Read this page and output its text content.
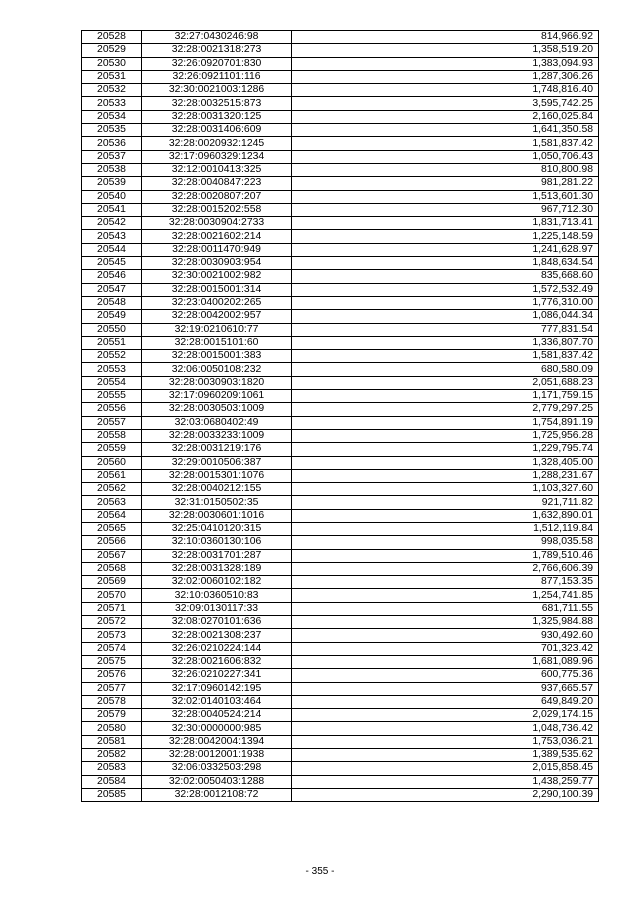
20528	32:27:0430246:98	814,966.92
20529	32:28:0021318:273	1,358,519.20
20530	32:26:0920701:830	1,383,094.93
20531	32:26:0921101:116	1,287,306.26
20532	32:30:0021003:1286	1,748,816.40
20533	32:28:0032515:873	3,595,742.25
20534	32:28:0031320:125	2,160,025.84
20535	32:28:0031406:609	1,641,350.58
20536	32:28:0020932:1245	1,581,837.42
20537	32:17:0960329:1234	1,050,706.43
20538	32:12:0010413:325	810,800.98
20539	32:28:0040847:223	981,281.22
20540	32:28:0020807:207	1,513,601.30
20541	32:28:0015202:558	967,712.30
20542	32:28:0030904:2733	1,831,713.41
20543	32:28:0021602:214	1,225,148.59
20544	32:28:0011470:949	1,241,628.97
20545	32:28:0030903:954	1,848,634.54
20546	32:30:0021002:982	835,668.60
20547	32:28:0015001:314	1,572,532.49
20548	32:23:0400202:265	1,776,310.00
20549	32:28:0042002:957	1,086,044.34
20550	32:19:0210610:77	777,831.54
20551	32:28:0015101:60	1,336,807.70
20552	32:28:0015001:383	1,581,837.42
20553	32:06:0050108:232	680,580.09
20554	32:28:0030903:1820	2,051,688.23
20555	32:17:0960209:1061	1,171,759.15
20556	32:28:0030503:1009	2,779,297.25
20557	32:03:0680402:49	1,754,891.19
20558	32:28:0033233:1009	1,725,956.28
20559	32:28:0031219:176	1,229,795.74
20560	32:29:0010506:387	1,328,405.00
20561	32:28:0015301:1076	1,288,231.67
20562	32:28:0040212:155	1,103,327.60
20563	32:31:0150502:35	921,711.82
20564	32:28:0030601:1016	1,632,890.01
20565	32:25:0410120:315	1,512,119.84
20566	32:10:0360130:106	998,035.58
20567	32:28:0031701:287	1,789,510.46
20568	32:28:0031328:189	2,766,606.39
20569	32:02:0060102:182	877,153.35
20570	32:10:0360510:83	1,254,741.85
20571	32:09:0130117:33	681,711.55
20572	32:08:0270101:636	1,325,984.88
20573	32:28:0021308:237	930,492.60
20574	32:26:0210224:144	701,323.42
20575	32:28:0021606:832	1,681,089.96
20576	32:26:0210227:341	600,775.36
20577	32:17:0960142:195	937,665.57
20578	32:02:0140103:464	649,849.20
20579	32:28:0040524:214	2,029,174.15
20580	32:30:0000000:985	1,048,736.42
20581	32:28:0042004:1394	1,753,036.21
20582	32:28:0012001:1938	1,389,535.62
20583	32:06:0332503:298	2,015,858.45
20584	32:02:0050403:1288	1,438,259.77
20585	32:28:0012108:72	2,290,100.39
- 355 -
